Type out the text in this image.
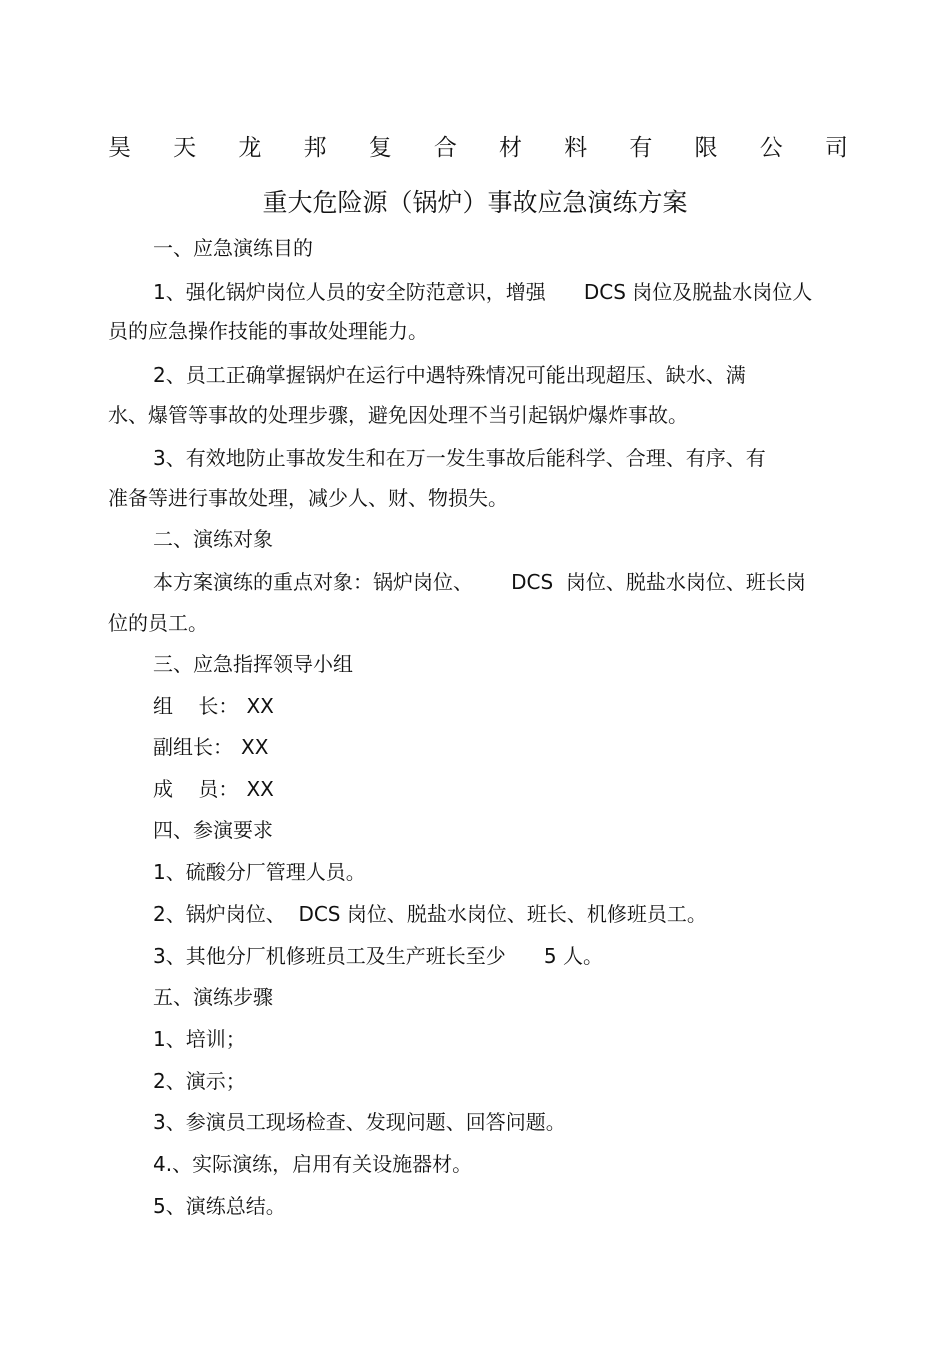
昊 天 龙 邦 复 合 材 料 有 限 公 司
重大危险源（锅炉）事故应急演练方案
一、应急演练目的
1、强化锅炉岗位人员的安全防范意识，增强      DCS 岗位及脱盐水岗位人
员的应急操作技能的事故处理能力。
2、员工正确掌握锅炉在运行中遇特殊情况可能出现超压、缺水、满
水、爆管等事故的处理步骤，避免因处理不当引起锅炉爆炸事故。
3、有效地防止事故发生和在万一发生事故后能科学、合理、有序、有
准备等进行事故处理，减少人、财、物损失。
二、演练对象
本方案演练的重点对象：锅炉岗位、      DCS  岗位、脱盐水岗位、班长岗
位的员工。
三、应急指挥领导小组
组    长： XX
副组长： XX
成    员： XX
四、参演要求
1、硫酸分厂管理人员。
2、锅炉岗位、  DCS 岗位、脱盐水岗位、班长、机修班员工。
3、其他分厂机修班员工及生产班长至少      5 人。
五、演练步骤
1、培训；
2、演示；
3、参演员工现场检查、发现问题、回答问题。
4.、实际演练，启用有关设施器材。
5、演练总结。
